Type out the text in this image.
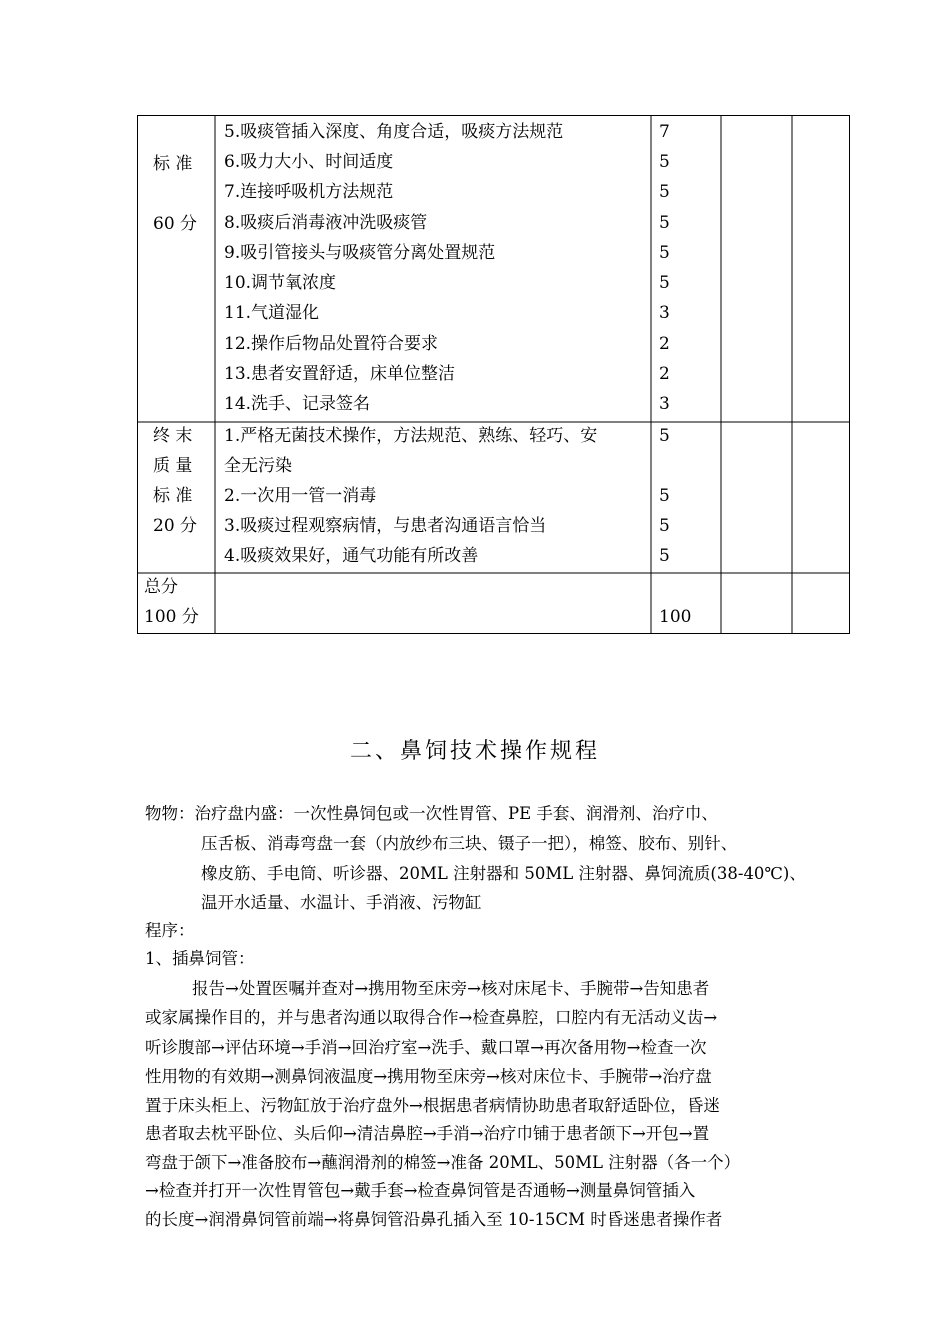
标 准
60 分
5.吸痰管插入深度、角度合适，吸痰方法规范	7
6.吸力大小、时间适度	5
7.连接呼吸机方法规范	5
8.吸痰后消毒液冲洗吸痰管	5
9.吸引管接头与吸痰管分离处置规范	5
10.调节氧浓度	5
11.气道湿化	3
12.操作后物品处置符合要求	2
13.患者安置舒适，床单位整洁	2
14.洗手、记录签名	3
终 末
质 量
标 准
20 分
1.严格无菌技术操作，方法规范、熟练、轻巧、安	5
全无污染
2.一次用一管一消毒	5
3.吸痰过程观察病情，与患者沟通语言恰当	5
4.吸痰效果好，通气功能有所改善	5
总分
100 分	100
二、鼻饲技术操作规程
物物：治疗盘内盛：一次性鼻饲包或一次性胃管、PE 手套、润滑剂、治疗巾、
压舌板、消毒弯盘一套（内放纱布三块、镊子一把），棉签、胶布、别针、
橡皮筋、手电筒、听诊器、20ML 注射器和 50ML 注射器、鼻饲流质(38-40℃)、
温开水适量、水温计、手消液、污物缸
程序：
1、插鼻饲管：
报告→处置医嘱并查对→携用物至床旁→核对床尾卡、手腕带→告知患者
或家属操作目的，并与患者沟通以取得合作→检查鼻腔，口腔内有无活动义齿→
听诊腹部→评估环境→手消→回治疗室→洗手、戴口罩→再次备用物→检查一次
性用物的有效期→测鼻饲液温度→携用物至床旁→核对床位卡、手腕带→治疗盘
置于床头柜上、污物缸放于治疗盘外→根据患者病情协助患者取舒适卧位，昏迷
患者取去枕平卧位、头后仰→清洁鼻腔→手消→治疗巾铺于患者颌下→开包→置
弯盘于颌下→准备胶布→蘸润滑剂的棉签→准备 20ML、50ML 注射器（各一个）
→检查并打开一次性胃管包→戴手套→检查鼻饲管是否通畅→测量鼻饲管插入
的长度→润滑鼻饲管前端→将鼻饲管沿鼻孔插入至 10-15CM 时昏迷患者操作者
